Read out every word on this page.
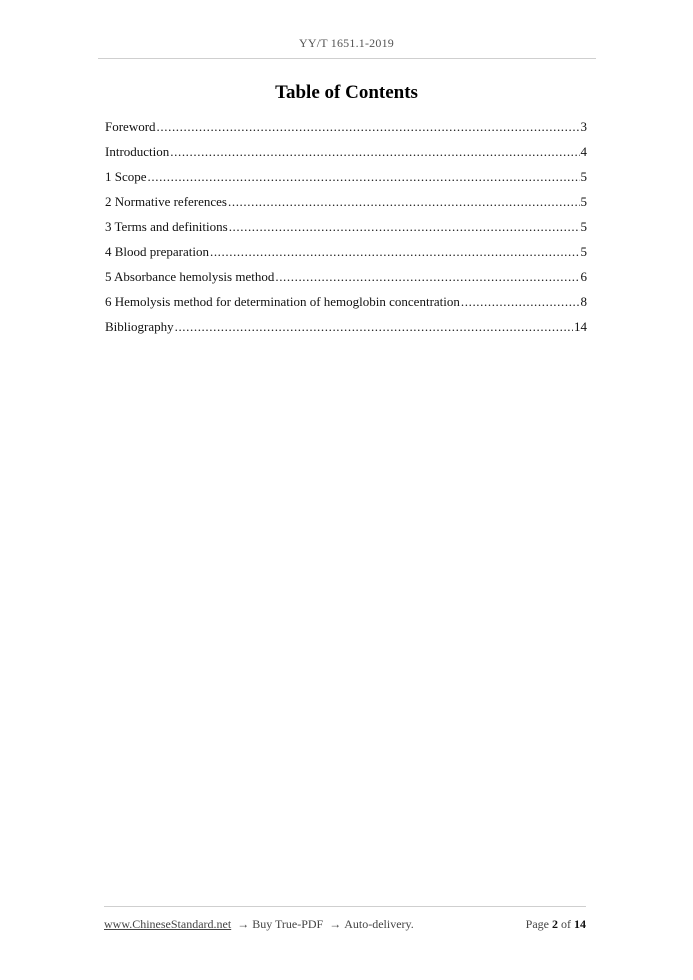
YY/T 1651.1-2019
Table of Contents
Foreword .....	3
Introduction .....	4
1 Scope .....	5
2 Normative references .....	5
3 Terms and definitions .....	5
4 Blood preparation .....	5
5 Absorbance hemolysis method .....	6
6 Hemolysis method for determination of hemoglobin concentration .....	8
Bibliography .....	14
www.ChineseStandard.net → Buy True-PDF → Auto-delivery.	Page 2 of 14
